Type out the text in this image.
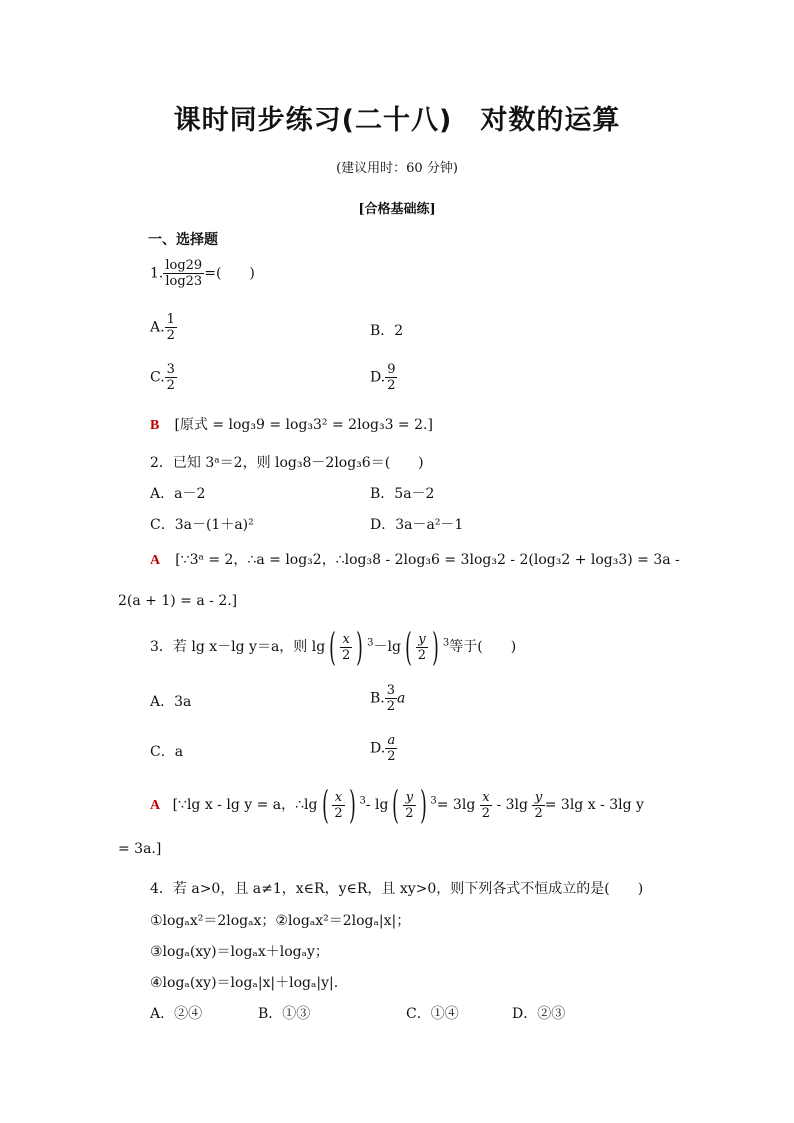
课时同步练习(二十八)　对数的运算
(建议用时：60 分钟)
[合格基础练]
一、选择题
1. $\frac{\log 29}{\log 23}$ =(　　)
A. $\frac{1}{2}$	B．2
C. $\frac{3}{2}$	D. $\frac{9}{2}$
B [原式 = log₃9 = log₃3² = 2log₃3 = 2.]
2．已知 3ᵃ＝2，则 log₃8－2log₃6＝(　　)
A．a－2	B．5a－2
C．3a－(1＋a)²	D．3a－a²－1
A [∵3ᵃ = 2，∴a = log₃2，∴log₃8 - 2log₃6 = 3log₃2 - 2(log₃2 + log₃3) = 3a -
2(a + 1) = a - 2.]
3．若 lg x－lg y＝a，则 lg ( $\frac{x}{2}$ ) $^3$－lg ( $\frac{y}{2}$ ) $^3$等于(　　)
A．3a	B. $\frac{3}{2}$ a
C．a	D. $\frac{a}{2}$
A [∵lg x - lg y = a，∴lg ( $\frac{x}{2}$ ) $^3$- lg ( $\frac{y}{2}$ ) $^3= 3\lg \frac{x}{2} - 3\lg \frac{y}{2} = 3\lg$ x - 3lg y
= 3a.]
4．若 a>0，且 a≠1，x∈R，y∈R，且 xy>0，则下列各式不恒成立的是(　　)
①logₐx²＝2logₐx；②logₐx²＝2logₐ|x|；
③logₐ(xy)＝logₐx＋logₐy；
④logₐ(xy)＝logₐ|x|＋logₐ|y|.
A．②④	B．①③	C．①④	D．②③
